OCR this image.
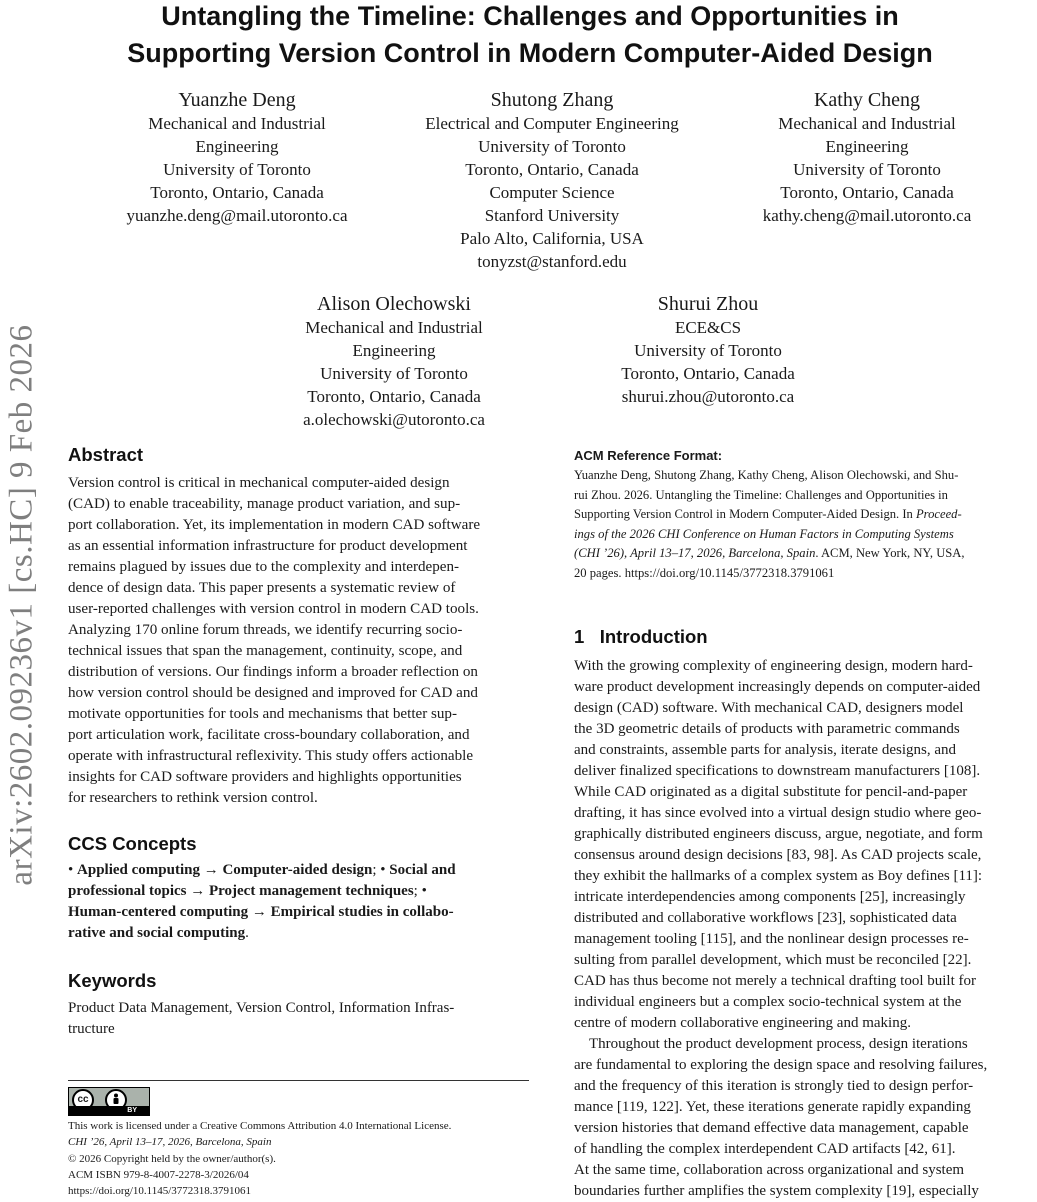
Untangling the Timeline: Challenges and Opportunities in
Supporting Version Control in Modern Computer-Aided Design
arXiv:2602.09236v1 [cs.HC] 9 Feb 2026
Yuanzhe Deng
Mechanical and Industrial
Engineering
University of Toronto
Toronto, Ontario, Canada
yuanzhe.deng@mail.utoronto.ca
Shutong Zhang
Electrical and Computer Engineering
University of Toronto
Toronto, Ontario, Canada
Computer Science
Stanford University
Palo Alto, California, USA
tonyzst@stanford.edu
Kathy Cheng
Mechanical and Industrial
Engineering
University of Toronto
Toronto, Ontario, Canada
kathy.cheng@mail.utoronto.ca
Alison Olechowski
Mechanical and Industrial
Engineering
University of Toronto
Toronto, Ontario, Canada
a.olechowski@utoronto.ca
Shurui Zhou
ECE&CS
University of Toronto
Toronto, Ontario, Canada
shurui.zhou@utoronto.ca
Abstract
Version control is critical in mechanical computer-aided design
(CAD) to enable traceability, manage product variation, and sup-
port collaboration. Yet, its implementation in modern CAD software
as an essential information infrastructure for product development
remains plagued by issues due to the complexity and interdepen-
dence of design data. This paper presents a systematic review of
user-reported challenges with version control in modern CAD tools.
Analyzing 170 online forum threads, we identify recurring socio-
technical issues that span the management, continuity, scope, and
distribution of versions. Our findings inform a broader reflection on
how version control should be designed and improved for CAD and
motivate opportunities for tools and mechanisms that better sup-
port articulation work, facilitate cross-boundary collaboration, and
operate with infrastructural reflexivity. This study offers actionable
insights for CAD software providers and highlights opportunities
for researchers to rethink version control.
CCS Concepts
• Applied computing → Computer-aided design; • Social and
professional topics → Project management techniques; •
Human-centered computing → Empirical studies in collabo-
rative and social computing.
Keywords
Product Data Management, Version Control, Information Infras-
tructure
cc
BY
This work is licensed under a Creative Commons Attribution 4.0 International License.
CHI ’26, April 13–17, 2026, Barcelona, Spain
© 2026 Copyright held by the owner/author(s).
ACM ISBN 979-8-4007-2278-3/2026/04
https://doi.org/10.1145/3772318.3791061
ACM Reference Format:
Yuanzhe Deng, Shutong Zhang, Kathy Cheng, Alison Olechowski, and Shu-
rui Zhou. 2026. Untangling the Timeline: Challenges and Opportunities in
Supporting Version Control in Modern Computer-Aided Design. In Proceed-
ings of the 2026 CHI Conference on Human Factors in Computing Systems
(CHI ’26), April 13–17, 2026, Barcelona, Spain. ACM, New York, NY, USA,
20 pages. https://doi.org/10.1145/3772318.3791061
1 Introduction
With the growing complexity of engineering design, modern hard-
ware product development increasingly depends on computer-aided
design (CAD) software. With mechanical CAD, designers model
the 3D geometric details of products with parametric commands
and constraints, assemble parts for analysis, iterate designs, and
deliver finalized specifications to downstream manufacturers [108].
While CAD originated as a digital substitute for pencil-and-paper
drafting, it has since evolved into a virtual design studio where geo-
graphically distributed engineers discuss, argue, negotiate, and form
consensus around design decisions [83, 98]. As CAD projects scale,
they exhibit the hallmarks of a complex system as Boy defines [11]:
intricate interdependencies among components [25], increasingly
distributed and collaborative workflows [23], sophisticated data
management tooling [115], and the nonlinear design processes re-
sulting from parallel development, which must be reconciled [22].
CAD has thus become not merely a technical drafting tool built for
individual engineers but a complex socio-technical system at the
centre of modern collaborative engineering and making.
Throughout the product development process, design iterations
are fundamental to exploring the design space and resolving failures,
and the frequency of this iteration is strongly tied to design perfor-
mance [119, 122]. Yet, these iterations generate rapidly expanding
version histories that demand effective data management, capable
of handling the complex interdependent CAD artifacts [42, 61].
At the same time, collaboration across organizational and system
boundaries further amplifies the system complexity [19], especially
